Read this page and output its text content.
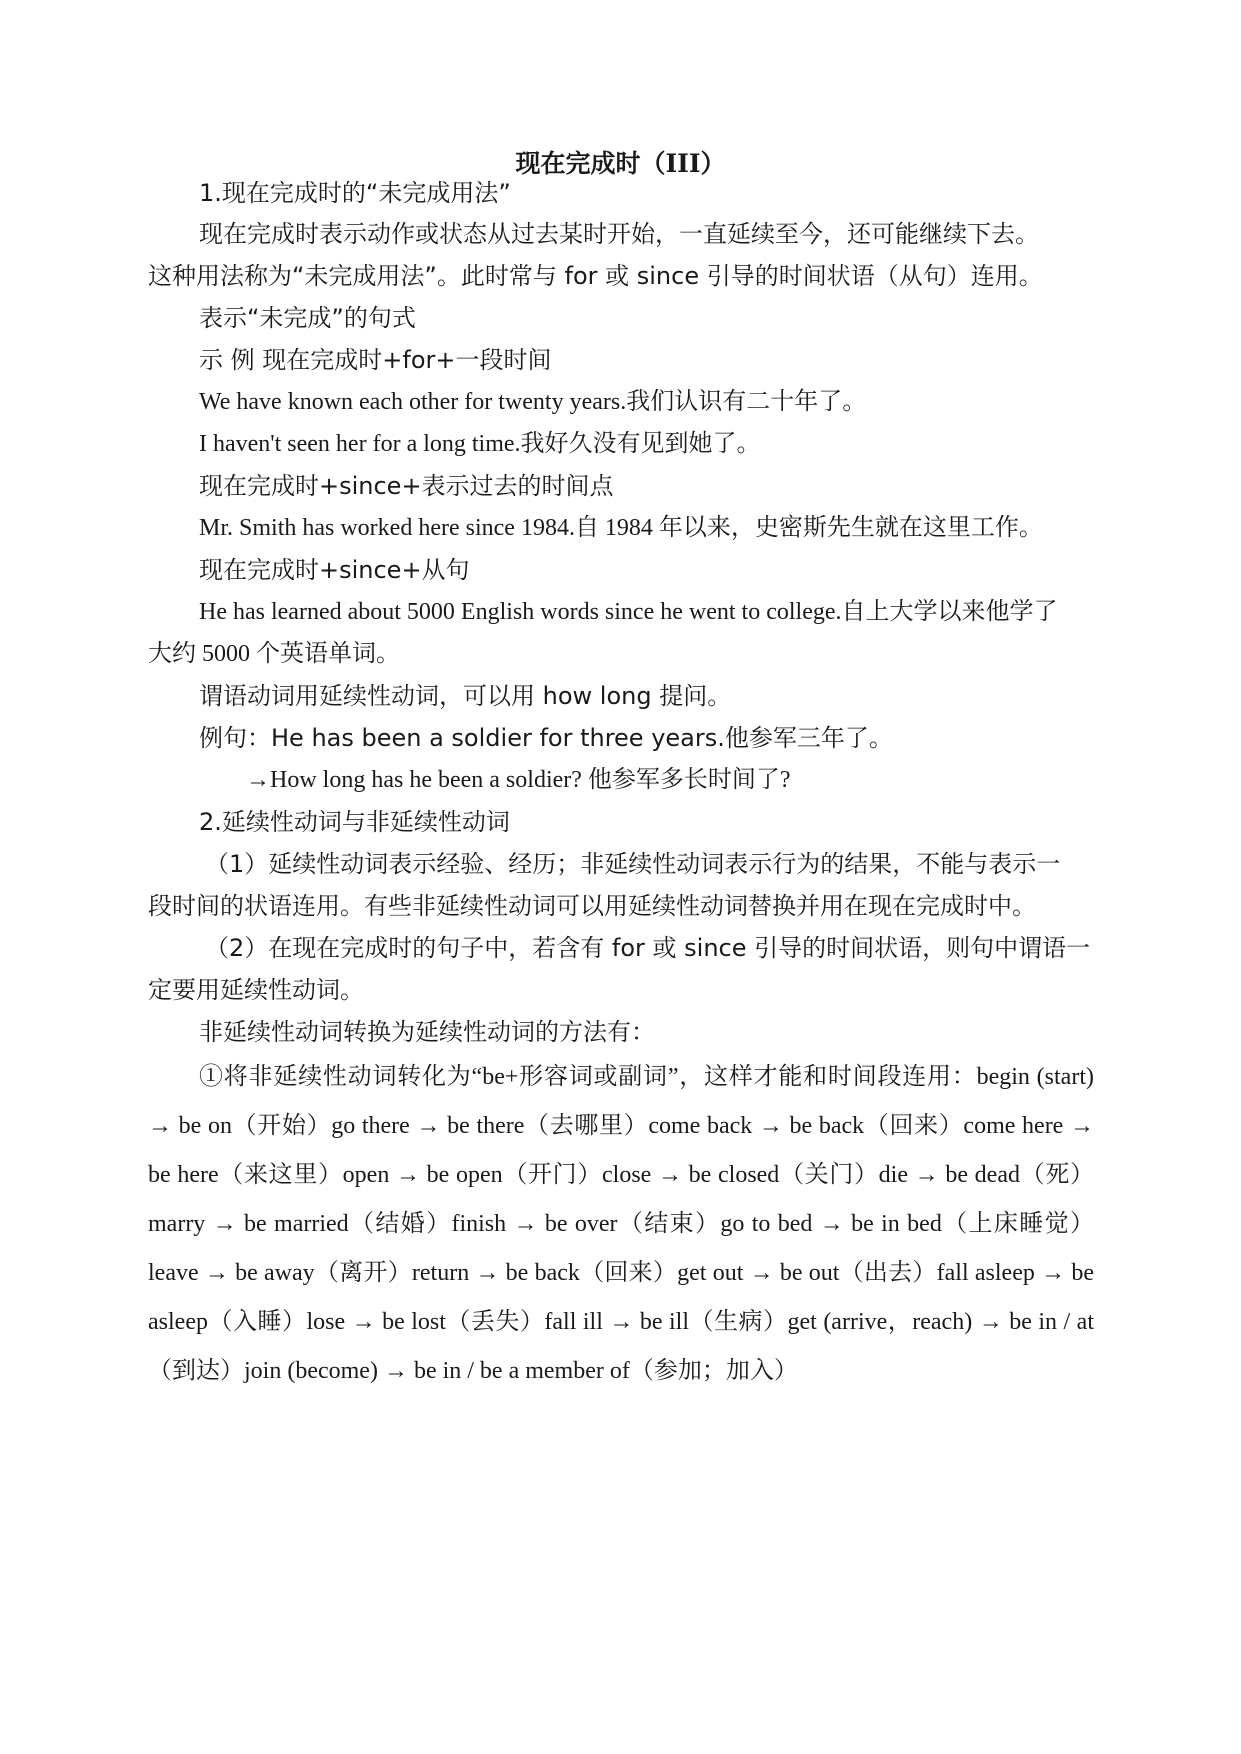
现在完成时（III）
1.现在完成时的“未完成用法”
现在完成时表示动作或状态从过去某时开始，一直延续至今，还可能继续下去。
这种用法称为“未完成用法”。此时常与 for 或 since 引导的时间状语（从句）连用。
表示“未完成”的句式
示 例 现在完成时+for+一段时间
We have known each other for twenty years.我们认识有二十年了。
I haven't seen her for a long time.我好久没有见到她了。
现在完成时+since+表示过去的时间点
Mr. Smith has worked here since 1984.自 1984 年以来，史密斯先生就在这里工作。
现在完成时+since+从句
He has learned about 5000 English words since he went to college.自上大学以来他学了
大约 5000 个英语单词。
谓语动词用延续性动词，可以用 how long 提问。
例句：He has been a soldier for three years.他参军三年了。
→How long has he been a soldier? 他参军多长时间了?
2.延续性动词与非延续性动词
（1）延续性动词表示经验、经历；非延续性动词表示行为的结果，不能与表示一
段时间的状语连用。有些非延续性动词可以用延续性动词替换并用在现在完成时中。
（2）在现在完成时的句子中，若含有 for 或 since 引导的时间状语，则句中谓语一
定要用延续性动词。
非延续性动词转换为延续性动词的方法有：
①将非延续性动词转化为“be+形容词或副词”，这样才能和时间段连用：begin (start) → be on（开始）go there → be there（去哪里）come back → be back（回来）come here → be here（来这里）open → be open（开门）close → be closed（关门）die → be dead（死）marry → be married（结婚）finish → be over（结束）go to bed → be in bed（上床睡觉）leave → be away（离开）return → be back（回来）get out → be out（出去）fall asleep → be asleep（入睡）lose → be lost（丢失）fall ill → be ill（生病）get (arrive，reach) → be in / at（到达）join (become) → be in / be a member of（参加；加入）
